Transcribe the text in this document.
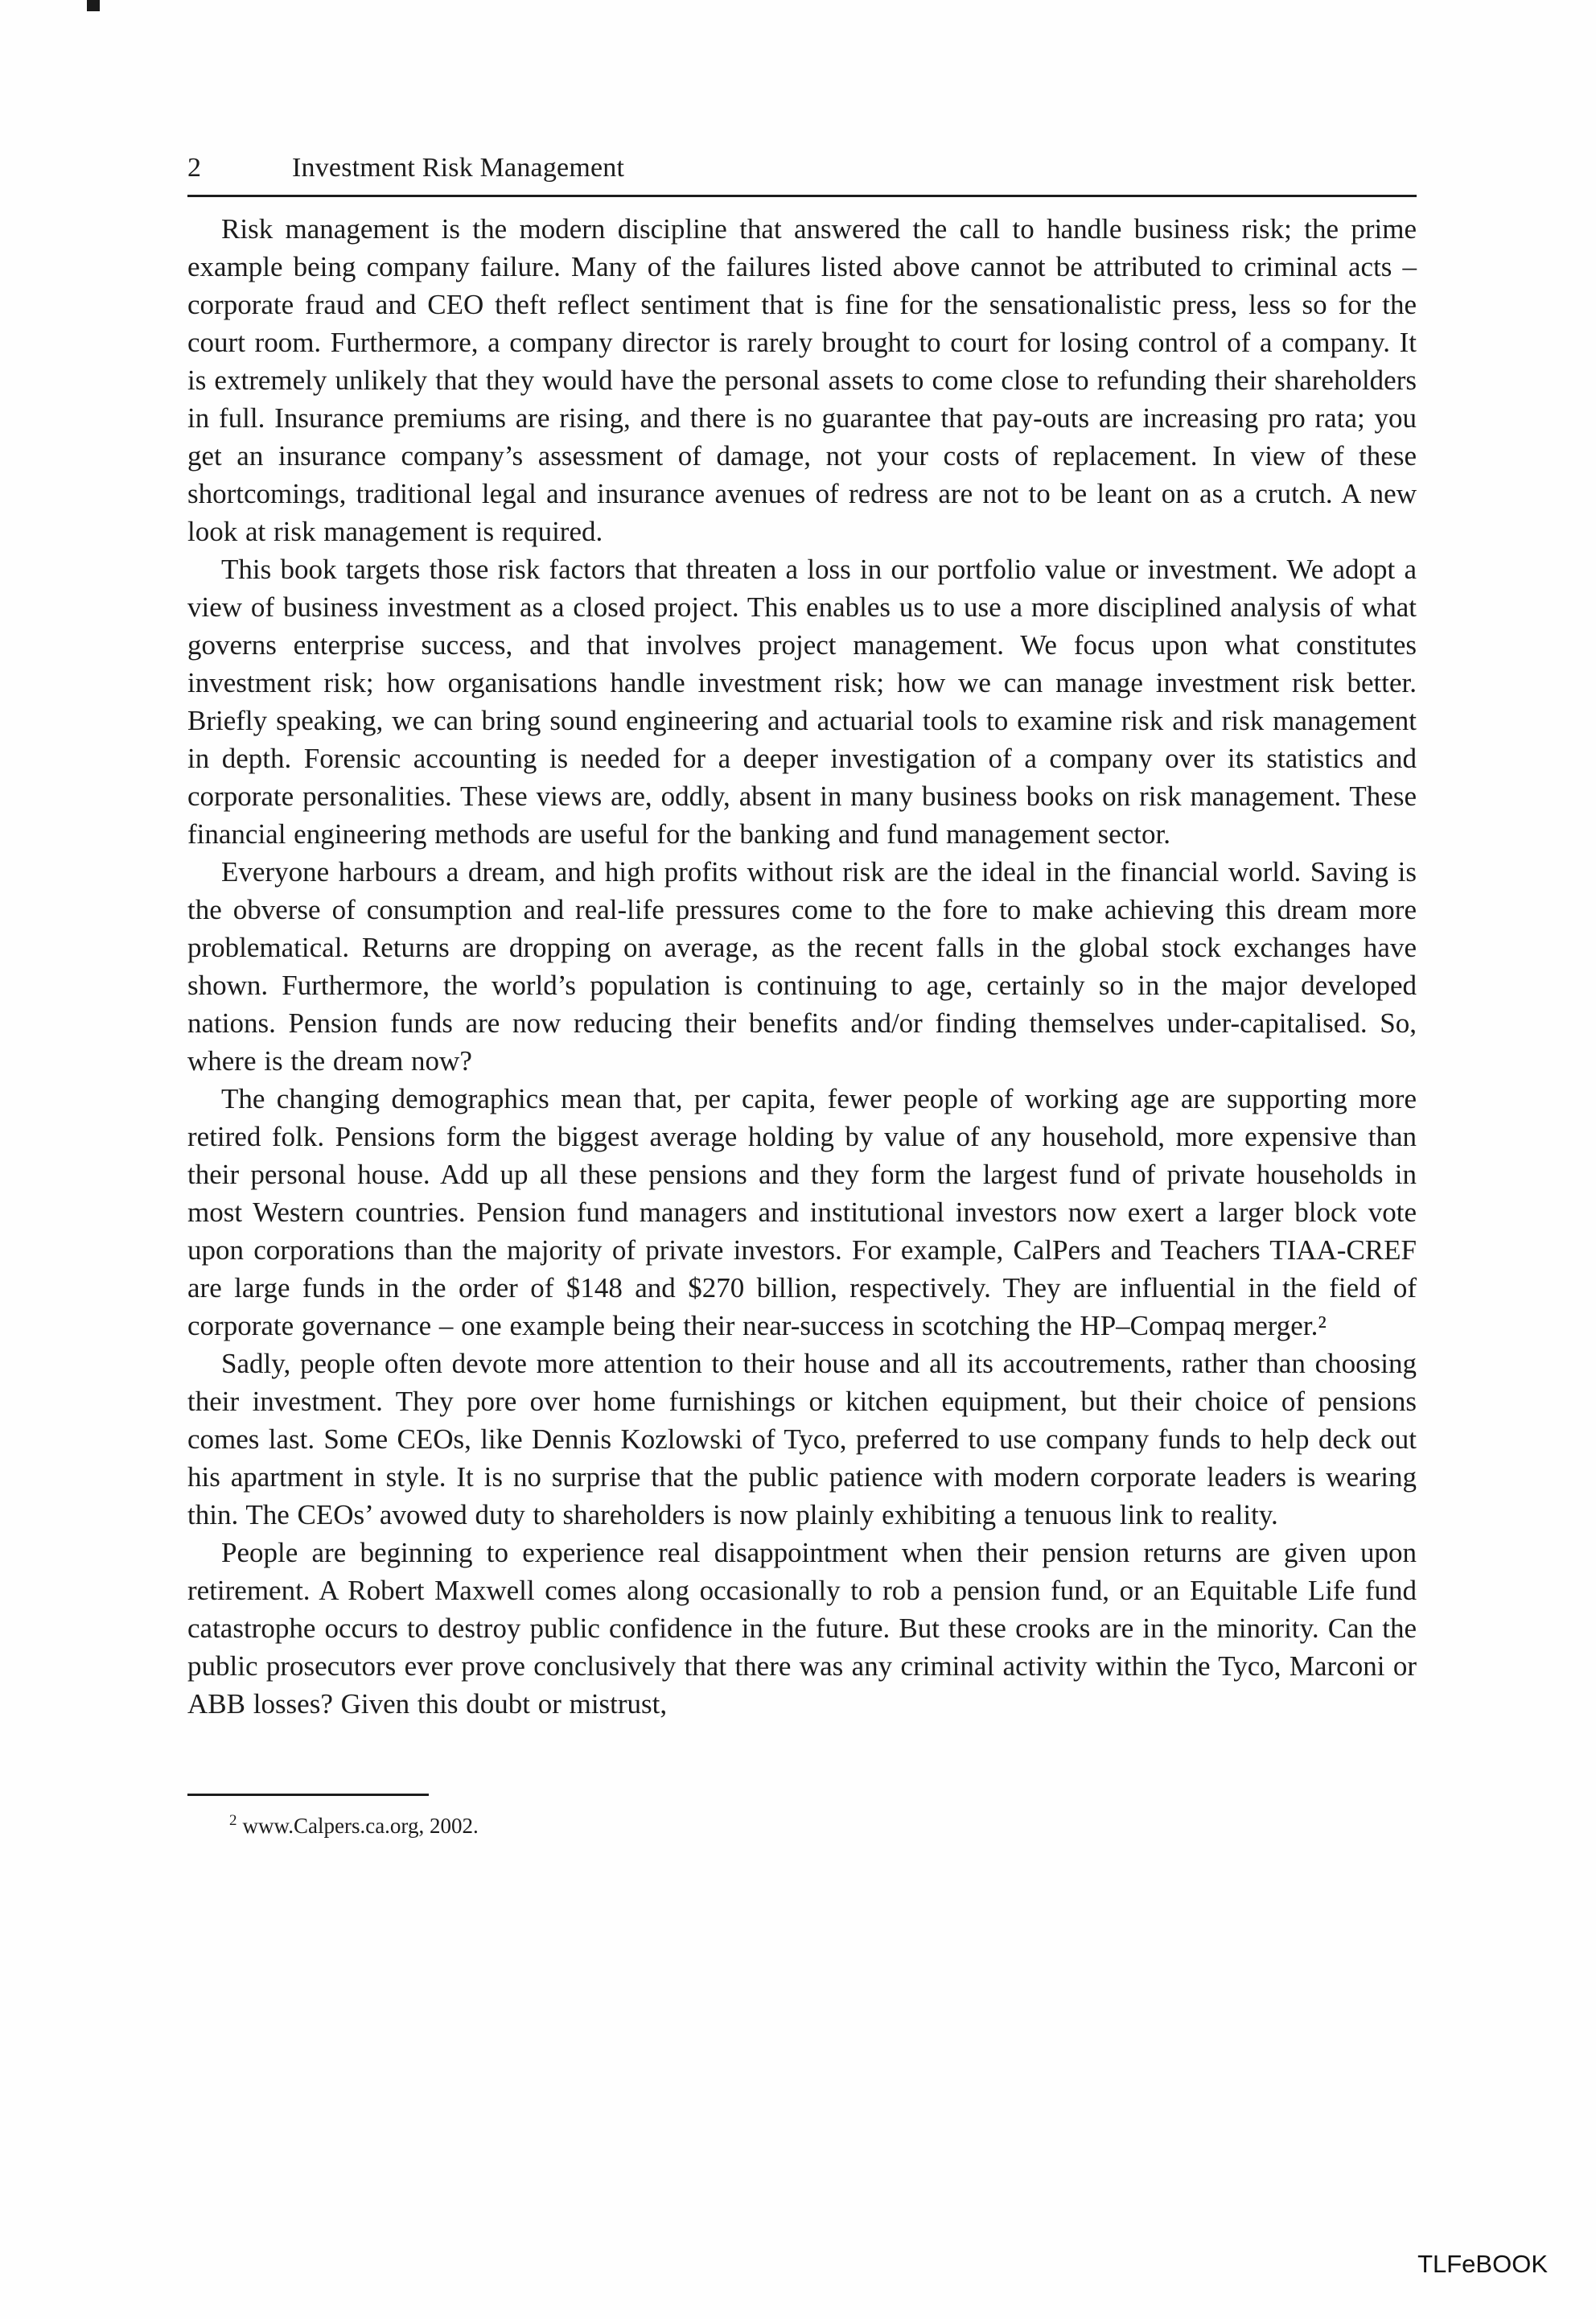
2	Investment Risk Management

Risk management is the modern discipline that answered the call to handle business risk; the prime example being company failure. Many of the failures listed above cannot be attributed to criminal acts – corporate fraud and CEO theft reflect sentiment that is fine for the sensationalistic press, less so for the court room. Furthermore, a company director is rarely brought to court for losing control of a company. It is extremely unlikely that they would have the personal assets to come close to refunding their shareholders in full. Insurance premiums are rising, and there is no guarantee that pay-outs are increasing pro rata; you get an insurance company’s assessment of damage, not your costs of replacement. In view of these shortcomings, traditional legal and insurance avenues of redress are not to be leant on as a crutch. A new look at risk management is required.

This book targets those risk factors that threaten a loss in our portfolio value or investment. We adopt a view of business investment as a closed project. This enables us to use a more disciplined analysis of what governs enterprise success, and that involves project management. We focus upon what constitutes investment risk; how organisations handle investment risk; how we can manage investment risk better. Briefly speaking, we can bring sound engineering and actuarial tools to examine risk and risk management in depth. Forensic accounting is needed for a deeper investigation of a company over its statistics and corporate personalities. These views are, oddly, absent in many business books on risk management. These financial engineering methods are useful for the banking and fund management sector.

Everyone harbours a dream, and high profits without risk are the ideal in the financial world. Saving is the obverse of consumption and real-life pressures come to the fore to make achieving this dream more problematical. Returns are dropping on average, as the recent falls in the global stock exchanges have shown. Furthermore, the world’s population is continuing to age, certainly so in the major developed nations. Pension funds are now reducing their benefits and/or finding themselves under-capitalised. So, where is the dream now?

The changing demographics mean that, per capita, fewer people of working age are supporting more retired folk. Pensions form the biggest average holding by value of any household, more expensive than their personal house. Add up all these pensions and they form the largest fund of private households in most Western countries. Pension fund managers and institutional investors now exert a larger block vote upon corporations than the majority of private investors. For example, CalPers and Teachers TIAA-CREF are large funds in the order of $148 and $270 billion, respectively. They are influential in the field of corporate governance – one example being their near-success in scotching the HP–Compaq merger.²

Sadly, people often devote more attention to their house and all its accoutrements, rather than choosing their investment. They pore over home furnishings or kitchen equipment, but their choice of pensions comes last. Some CEOs, like Dennis Kozlowski of Tyco, preferred to use company funds to help deck out his apartment in style. It is no surprise that the public patience with modern corporate leaders is wearing thin. The CEOs’ avowed duty to shareholders is now plainly exhibiting a tenuous link to reality.

People are beginning to experience real disappointment when their pension returns are given upon retirement. A Robert Maxwell comes along occasionally to rob a pension fund, or an Equitable Life fund catastrophe occurs to destroy public confidence in the future. But these crooks are in the minority. Can the public prosecutors ever prove conclusively that there was any criminal activity within the Tyco, Marconi or ABB losses? Given this doubt or mistrust,

$^2$ www.Calpers.ca.org, 2002.

TLFeBOOK
